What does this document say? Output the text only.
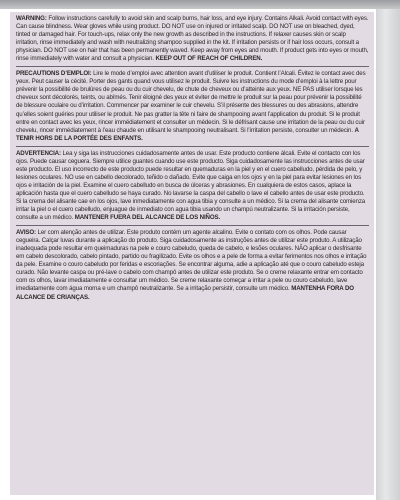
WARNING: Follow instructions carefully to avoid skin and scalp burns, hair loss, and eye injury. Contains Alkali. Avoid contact with eyes. Can cause blindness. Wear gloves while using product. DO NOT use on injured or irritated scalp. DO NOT use on bleached, dyed, tinted or damaged hair. For touch-ups, relax only the new growth as described in the instructions. If relaxer causes skin or scalp irritation, rinse immediately and wash with neutralizing shampoo supplied in the kit. If irritation persists or if hair loss occurs, consult a physician. DO NOT use on hair that has been permanently waved. Keep away from eyes and mouth. If product gets into eyes or mouth, rinse immediately with water and consult a physician. KEEP OUT OF REACH OF CHILDREN.

PRECAUTIONS D’EMPLOI: Lire le mode d’emploi avec attention avant d’utiliser le produit. Contient l’Alcali. Évitez le contact avec des yeux. Peut causer la cécité. Porter des gants quand vous utilisez le produit. Suivre les instructions du mode d’emploi à la lettre pour prévenir la possibilité de brulûres de peau ou du cuir chevelu, de chute de cheveux ou d’atteinte aux yeux. NE PAS utiliser lorsque les cheveux sont décolorés, teints, ou abîmés. Tenir éloigné des yeux et éviter de mettre le produit sur la peau pour prévenir la possibilité de blessure oculaire ou d’irritation. Commencer par examiner le cuir chevelu. S’il présente des blessures ou des abrasions, attendre qu’elles soient guéries pour utiliser le produit. Ne pas gratter la tête ni faire de shampooing avant l’application du produit. Si le produit entre en contact avec les yeux, rincer immédiatement et consulter un médecin. Si le défrisant cause une irritation de la peau ou du cuir chevelu, rincer immédiatement à l’eau chaude en utilisant le shampooing neutralisant. Si l’irritation persiste, consulter un médecin. A TENIR HORS DE LA PORTÉE DES ENFANTS.

ADVERTENCIA: Lea y siga las instrucciones cuidadosamente antes de usar. Este producto contiene álcali. Evite el contacto con los ojos. Puede causar ceguera. Siempre utilice guantes cuando use este producto. Siga cuidadosamente las instrucciones antes de usar este producto. El uso incorrecto de este producto puede resultar en quemaduras en la piel y en el cuero cabelludo, pérdida de pelo, y lesiones oculares. NO use en cabello decolorado, teñido o dañado. Evite que caiga en los ojos y en la piel para evitar lesiones en los ojos e irritación de la piel. Examine el cuero cabelludo en busca de úlceras y abrasiones. En cualquiera de estos casos, aplace la aplicación hasta que el cuero cabelludo se haya curado. No lavarse la caspa del cabello o lave el cabello antes de usar este producto. Si la crema del alisante cae en los ojos, lave inmediatamente con agua tibia y consulte a un médico. Si la crema del alisante comienza irritar la piel o el cuero cabelludo, enjuague de inmediato con agua tibia usando un champú neutralizante. Si la irritación persiste, consulte a un médico. MANTENER FUERA DEL ALCANCE DE LOS NIÑOS.

AVISO: Ler com atenção antes de utilizar. Este produto contém um agente alcalino. Evite o contato com os olhos. Pode causar cegueira. Calçar luvas durante a aplicação do produto. Siga cuidadosamente as instruções antes de utilizar este produto. A utilização inadequada pode resultar em queimaduras na pele e couro cabeludo, queda de cabelo, e lesões oculares. NÃO aplicar o desfrisante em cabelo descolorado, cabelo pintado, partido ou fragilizado. Evite os olhos e a pele de forma a evitar ferimentos nos olhos e irritação da pele. Examine o couro cabeludo por feridas e escoriações. Se encontrar alguma, adie a aplicação até que o couro cabeludo esteja curado. Não levante caspa ou pré-lave o cabelo com champô antes de utilizar este produto. Se o creme relaxante entrar em contacto com os olhos, lavar imediatamente e consultar um médico. Se creme relaxante começar a irritar a pele ou couro cabeludo, lave imediatamente com água morna e um champô neutralizante. Se a irritação persistir, consulte um médico. MANTENHA FORA DO ALCANCE DE CRIANÇAS.
